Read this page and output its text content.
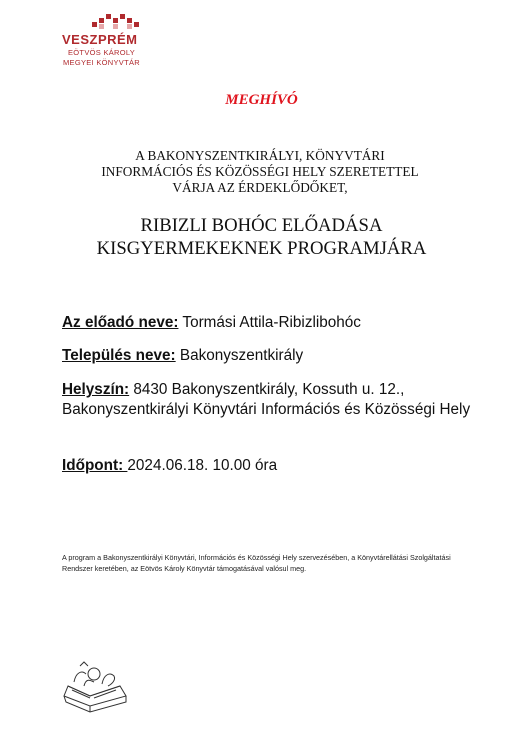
VESZPRÉM
EÖTVÖS KÁROLY
MEGYEI KÖNYVTÁR
MEGHÍVÓ
A BAKONYSZENTKIRÁLYI, KÖNYVTÁRI
INFORMÁCIÓS ÉS KÖZÖSSÉGI HELY SZERETETTEL
VÁRJA AZ ÉRDEKLŐDŐKET,
RIBIZLI BOHÓC ELŐADÁSA
KISGYERMEKEKNEK PROGRAMJÁRA
Az előadó neve: Tormási Attila-Ribizlibohóc
Település neve: Bakonyszentkirály
Helyszín: 8430 Bakonyszentkirály, Kossuth u. 12., Bakonyszentkirályi Könyvtári Információs és Közösségi Hely
Időpont: 2024.06.18. 10.00 óra
A program a Bakonyszentkirályi Könyvtári, Információs és Közösségi Hely szervezésében, a Könyvtárellátási Szolgáltatási Rendszer keretében, az Eötvös Károly Könyvtár támogatásával valósul meg.
